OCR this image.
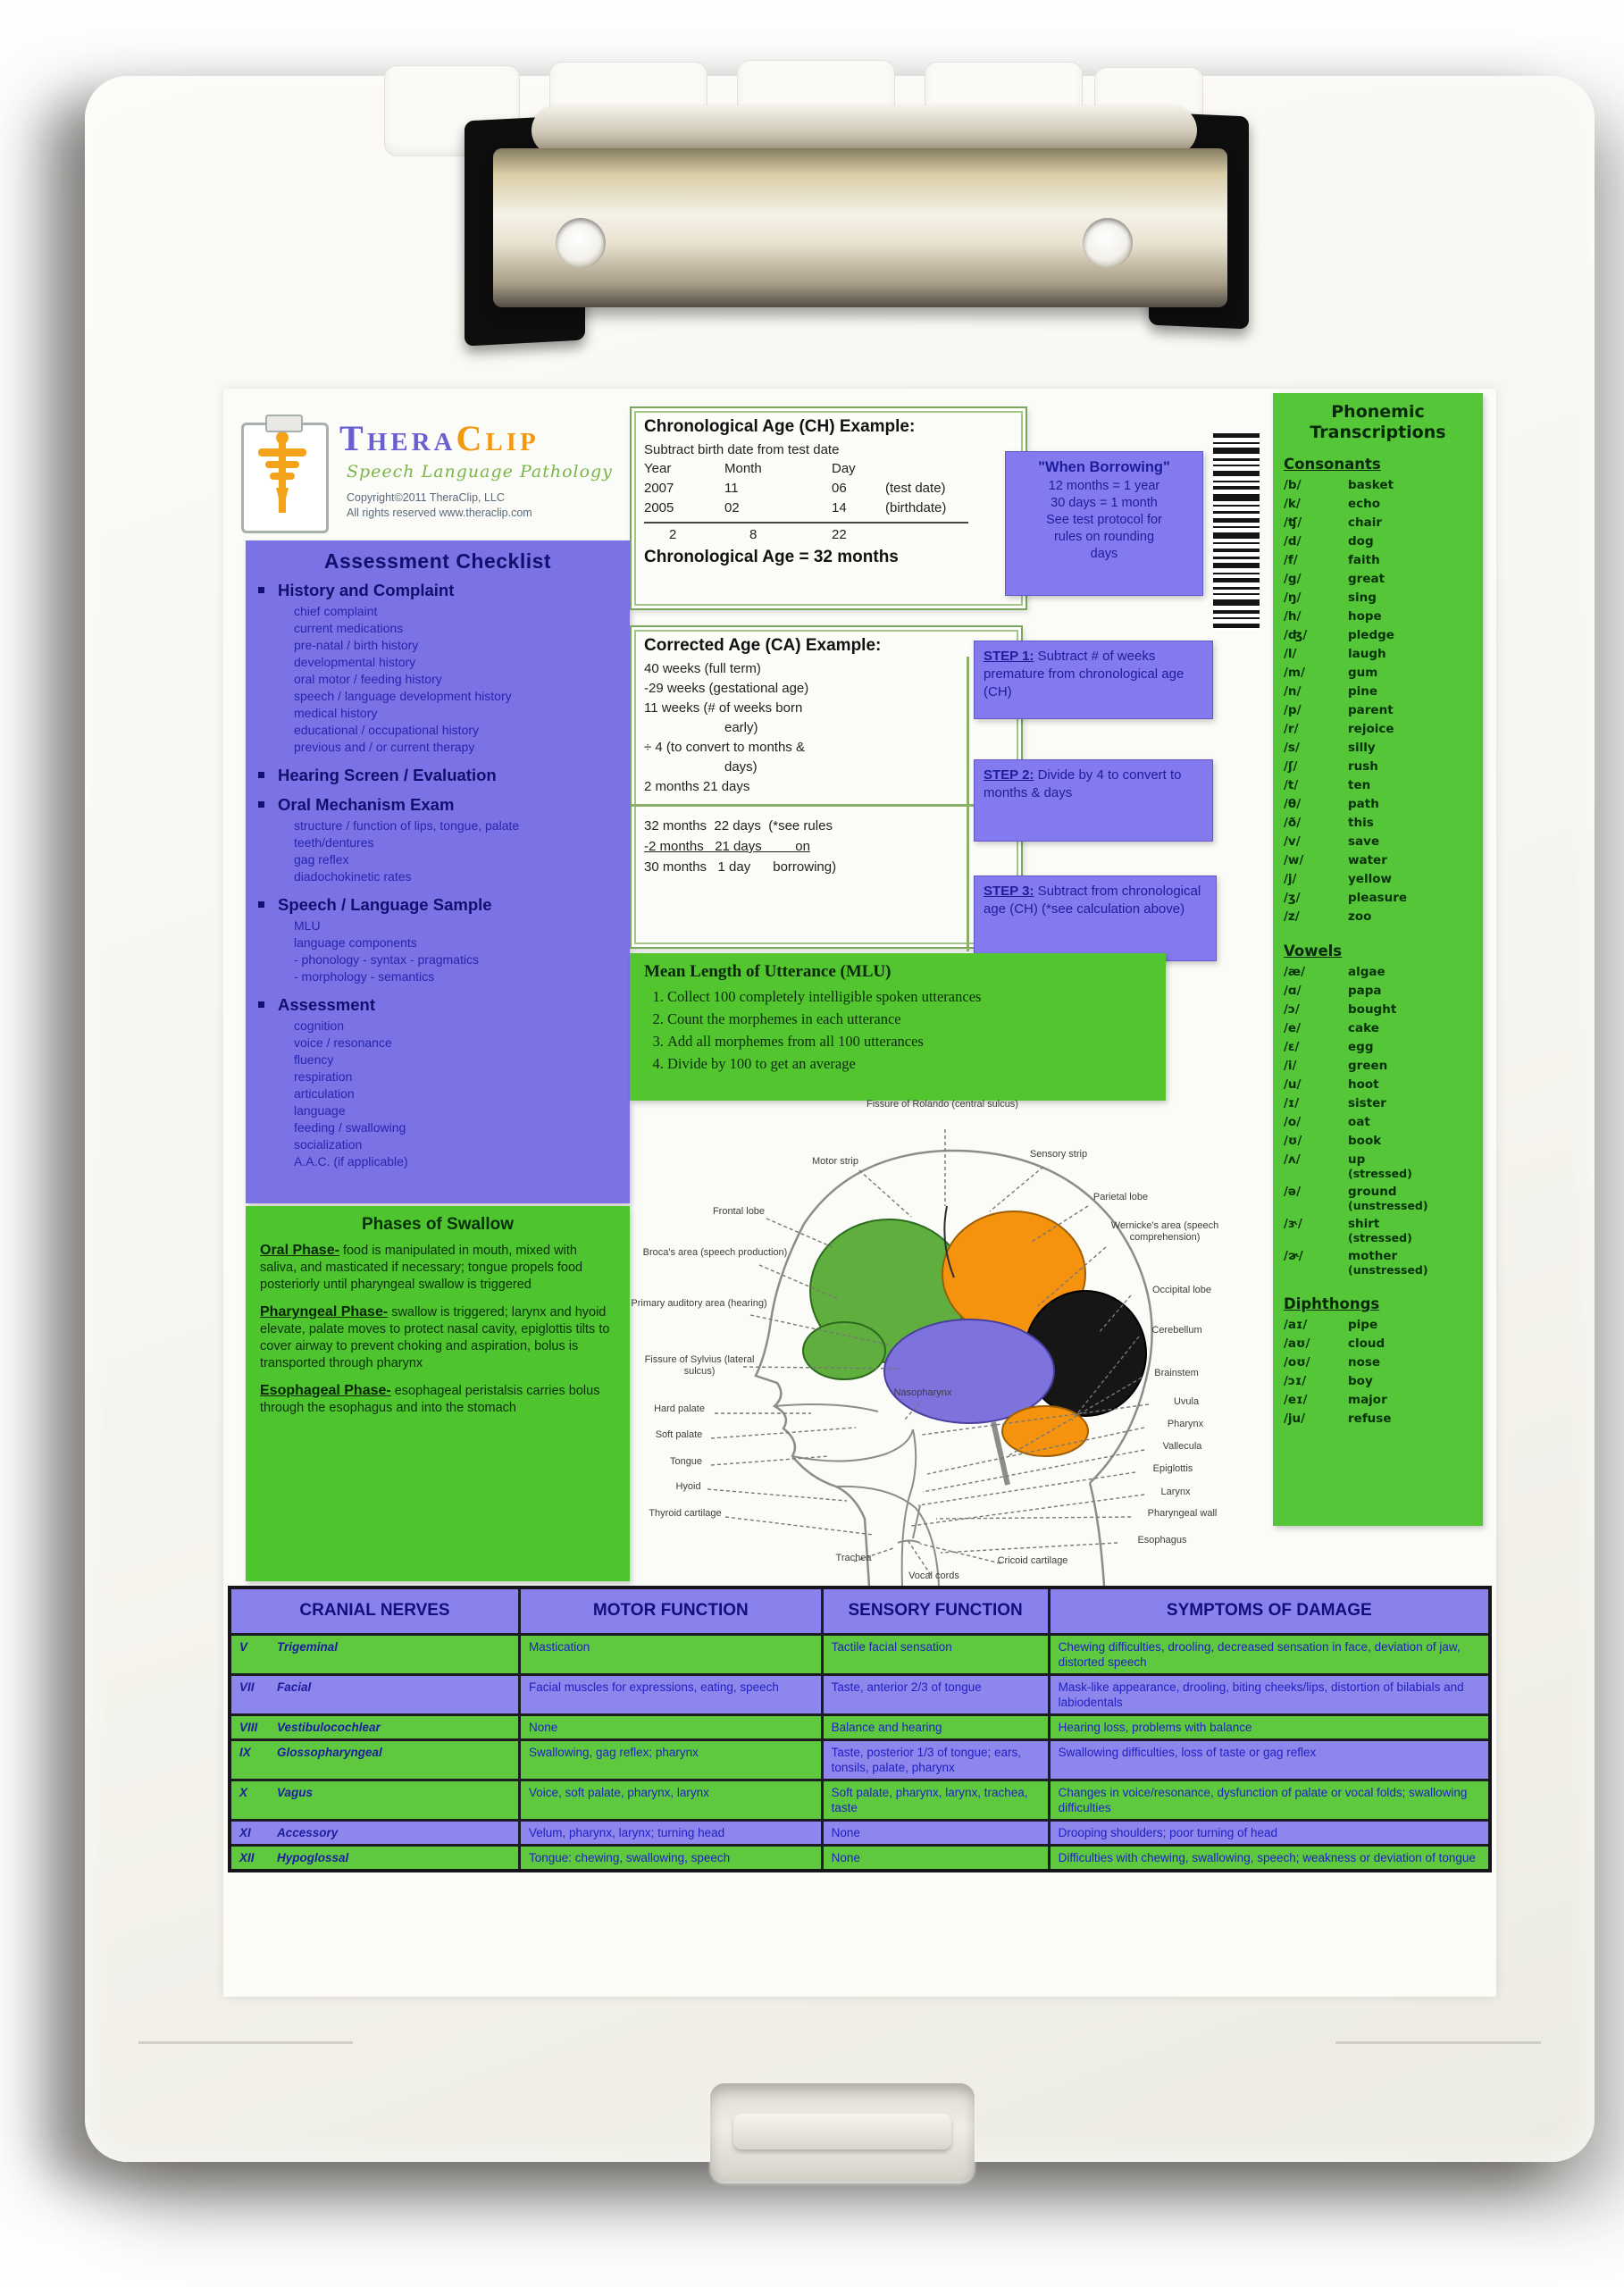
THERACLIP
Speech Language Pathology
Copyright©2011 TheraClip, LLC
All rights reserved www.theraclip.com
Assessment Checklist
History and Complaint
chief complaint
current medications
pre-natal / birth history
developmental history
oral motor / feeding history
speech / language development history
medical history
educational / occupational history
previous and / or current therapy
Hearing Screen / Evaluation
Oral Mechanism Exam
structure / function of lips, tongue, palate
teeth/dentures
gag reflex
diadochokinetic rates
Speech / Language Sample
MLU
language components
- phonology - syntax - pragmatics
- morphology - semantics
Assessment
cognition
voice / resonance
fluency
respiration
articulation
language
feeding / swallowing
socialization
A.A.C. (if applicable)
Chronological Age (CH) Example:
Subtract birth date from test date
Year	Month	Day
2007	11	06	(test date)
2005	02	14	(birthdate)
2	8	22
Chronological Age = 32 months
"When Borrowing"
12 months = 1 year
30 days = 1 month
See test protocol for
rules on rounding
days
Corrected Age (CA) Example:
40 weeks (full term)
-29 weeks (gestational age)
11 weeks (# of weeks born
early)
÷ 4 (to convert to months &
days)
2 months 21 days
32 months  22 days  (*see rules
-2 months   21 days         on
30 months   1 day      borrowing)
STEP 1: Subtract # of weeks premature from chronological age (CH)
STEP 2: Divide by 4 to convert to months & days
STEP 3: Subtract from chronological age (CH) (*see calculation above)
Mean Length of Utterance (MLU)
1. Collect 100 completely intelligible spoken utterances
2. Count the morphemes in each utterance
3. Add all morphemes from all 100 utterances
4. Divide by 100 to get an average
Phases of Swallow
Oral Phase- food is manipulated in mouth, mixed with saliva, and masticated if necessary; tongue propels food posteriorly until pharyngeal swallow is triggered
Pharyngeal Phase- swallow is triggered; larynx and hyoid elevate, palate moves to protect nasal cavity, epiglottis tilts to cover airway to prevent choking and aspiration, bolus is transported through pharynx
Esophageal Phase- esophageal peristalsis carries bolus through the esophagus and into the stomach
Fissure of Rolando (central sulcus)
Motor strip
Sensory strip
Frontal lobe
Parietal lobe
Broca's area (speech production)
Wernicke's area (speech comprehension)
Primary auditory area (hearing)
Occipital lobe
Cerebellum
Fissure of Sylvius (lateral sulcus)	Brainstem
Hard palate
Nasopharynx
Uvula
Soft palate
Pharynx
Tongue
Vallecula
Hyoid
Epiglottis
Larynx
Thyroid cartilage	Pharyngeal wall
Esophagus
Trachea	Cricoid cartilage
Vocal cords
Phonemic Transcriptions
Consonants
/b/	basket
/k/	echo
/ʧ/	chair
/d/	dog
/f/	faith
/g/	great
/ŋ/	sing
/h/	hope
/ʤ/	pledge
/l/	laugh
/m/	gum
/n/	pine
/p/	parent
/r/	rejoice
/s/	silly
/ʃ/	rush
/t/	ten
/θ/	path
/ð/	this
/v/	save
/w/	water
/j/	yellow
/ʒ/	pleasure
/z/	zoo
Vowels
/æ/	algae
/ɑ/	papa
/ɔ/	bought
/e/	cake
/ɛ/	egg
/i/	green
/u/	hoot
/ɪ/	sister
/o/	oat
/ʊ/	book
/ʌ/	up
(stressed)
/ə/	ground
(unstressed)
/ɝ/	shirt
(stressed)
/ɚ/	mother
(unstressed)
Diphthongs
/aɪ/	pipe
/aʊ/	cloud
/oʊ/	nose
/ɔɪ/	boy
/eɪ/	major
/ju/	refuse
CRANIAL NERVES	MOTOR FUNCTION	SENSORY FUNCTION	SYMPTOMS OF DAMAGE
V Trigeminal	Mastication	Tactile facial sensation	Chewing difficulties, drooling, decreased sensation in face, deviation of jaw, distorted speech
VII Facial	Facial muscles for expressions, eating, speech	Taste, anterior 2/3 of tongue	Mask-like appearance, drooling, biting cheeks/lips, distortion of bilabials and labiodentals
VIII Vestibulocochlear	None	Balance and hearing	Hearing loss, problems with balance
IX Glossopharyngeal	Swallowing, gag reflex; pharynx	Taste, posterior 1/3 of tongue; ears, tonsils, palate, pharynx	Swallowing difficulties, loss of taste or gag reflex
X Vagus	Voice, soft palate, pharynx, larynx	Soft palate, pharynx, larynx, trachea, taste	Changes in voice/resonance, dysfunction of palate or vocal folds; swallowing difficulties
XI Accessory	Velum, pharynx, larynx; turning head	None	Drooping shoulders; poor turning of head
XII Hypoglossal	Tongue: chewing, swallowing, speech	None	Difficulties with chewing, swallowing, speech; weakness or deviation of tongue
